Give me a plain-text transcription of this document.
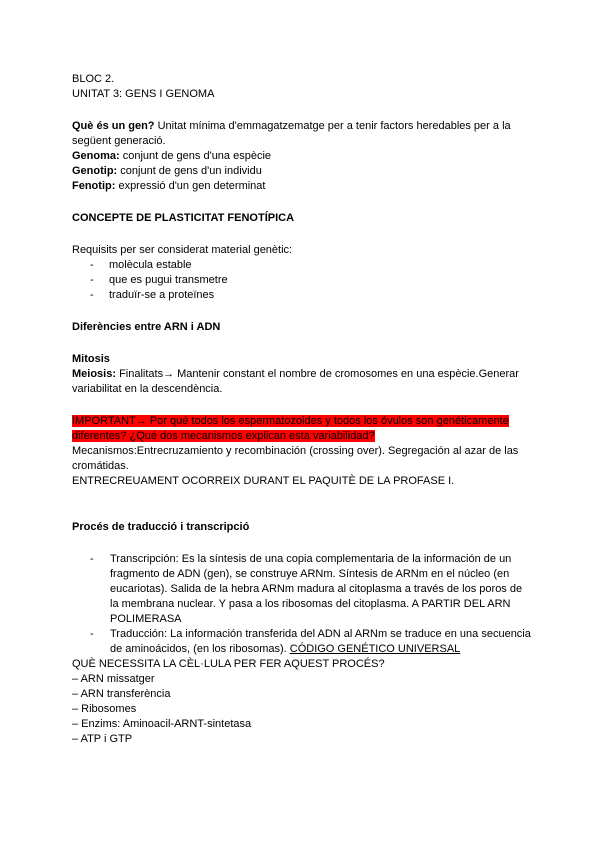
BLOC 2.

UNITAT 3: GENS I GENOMA

Què és un gen? Unitat mínima d'emmagatzematge per a tenir factors heredables per a la següent generació.

Genoma: conjunt de gens d'una espècie

Genotip: conjunt de gens d'un individu

Fenotip: expressió d'un gen determinat

CONCEPTE DE PLASTICITAT FENOTÍPICA

Requisits per ser considerat material genètic:

- molècula estable
- que es pugui transmetre
- traduïr-se a proteïnes

Diferències entre ARN i ADN

Mitosis

Meiosis: Finalitats→ Mantenir constant el nombre de cromosomes en una espècie.Generar variabilitat en la descendència.

IMPORTANT→ Por qué todos los espermatozoides y todos los óvulos son genéticamente diferentes? ¿Qué dos mecanismos explican esta variabilidad?

Mecanismos:Entrecruzamiento y recombinación (crossing over). Segregación al azar de las cromátidas.

ENTRECREUAMENT OCORREIX DURANT EL PAQUITÈ DE LA PROFASE I.

Procés de traducció i transcripció

- Transcripción: Es la síntesis de una copia complementaria de la información de un fragmento de ADN (gen), se construye ARNm. Síntesis de ARNm en el núcleo (en eucariotas). Salida de la hebra ARNm madura al citoplasma a través de los poros de la membrana nuclear. Y pasa a los ribosomas del citoplasma. A PARTIR DEL ARN POLIMERASA
- Traducción: La información transferida del ADN al ARNm se traduce en una secuencia de aminoácidos, (en los ribosomas). CÓDIGO GENÉTICO UNIVERSAL

QUÈ NECESSITA LA CÈL·LULA PER FER AQUEST PROCÉS?

– ARN missatger

– ARN transferència

– Ribosomes

– Enzims: Aminoacil-ARNT-sintetasa

– ATP i GTP
